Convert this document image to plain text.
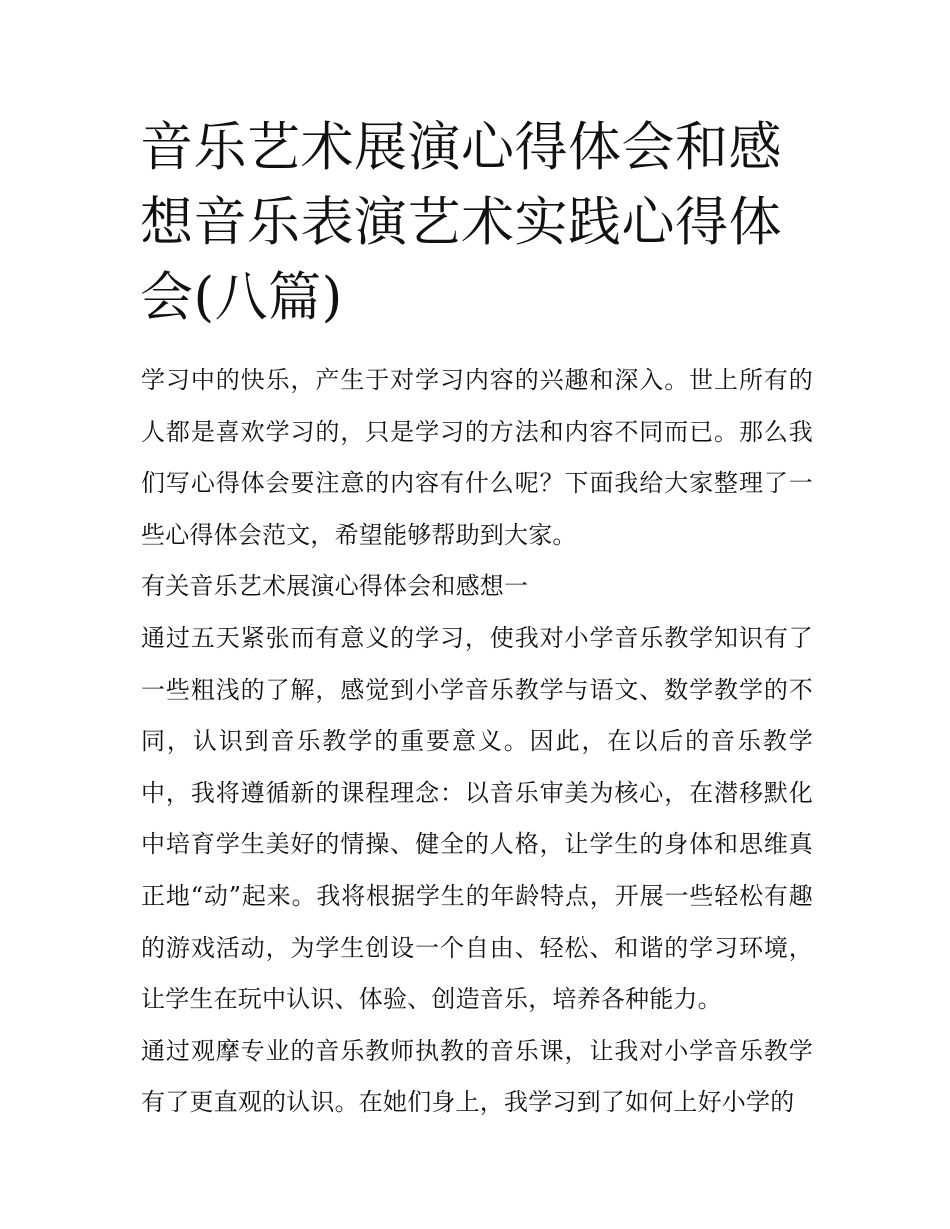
音乐艺术展演心得体会和感想音乐表演艺术实践心得体会(八篇)

学习中的快乐，产生于对学习内容的兴趣和深入。世上所有的人都是喜欢学习的，只是学习的方法和内容不同而已。那么我们写心得体会要注意的内容有什么呢？下面我给大家整理了一些心得体会范文，希望能够帮助到大家。

有关音乐艺术展演心得体会和感想一

通过五天紧张而有意义的学习，使我对小学音乐教学知识有了一些粗浅的了解，感觉到小学音乐教学与语文、数学教学的不同，认识到音乐教学的重要意义。因此，在以后的音乐教学中，我将遵循新的课程理念：以音乐审美为核心，在潜移默化中培育学生美好的情操、健全的人格，让学生的身体和思维真正地“动”起来。我将根据学生的年龄特点，开展一些轻松有趣的游戏活动，为学生创设一个自由、轻松、和谐的学习环境，让学生在玩中认识、体验、创造音乐，培养各种能力。

通过观摩专业的音乐教师执教的音乐课，让我对小学音乐教学有了更直观的认识。在她们身上，我学习到了如何上好小学的
